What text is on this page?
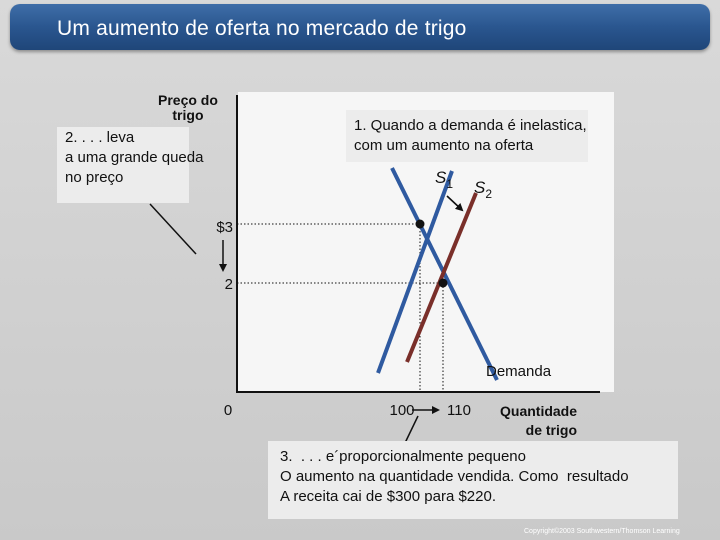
Um aumento de oferta no mercado de trigo
Preço do
trigo
2. . . . leva
a uma grande queda
no preço
1. Quando a demanda é inelastica,
com um aumento na oferta
$3
2
0	100 110
Demanda
$S_1$ $S_2$
Quantidade
de trigo
3.  . . . e´proporcionalmente pequeno
O aumento na quantidade vendida. Como  resultado
A receita cai de $300 para $220.
Copyright©2003 Southwestern/Thomson Learning
